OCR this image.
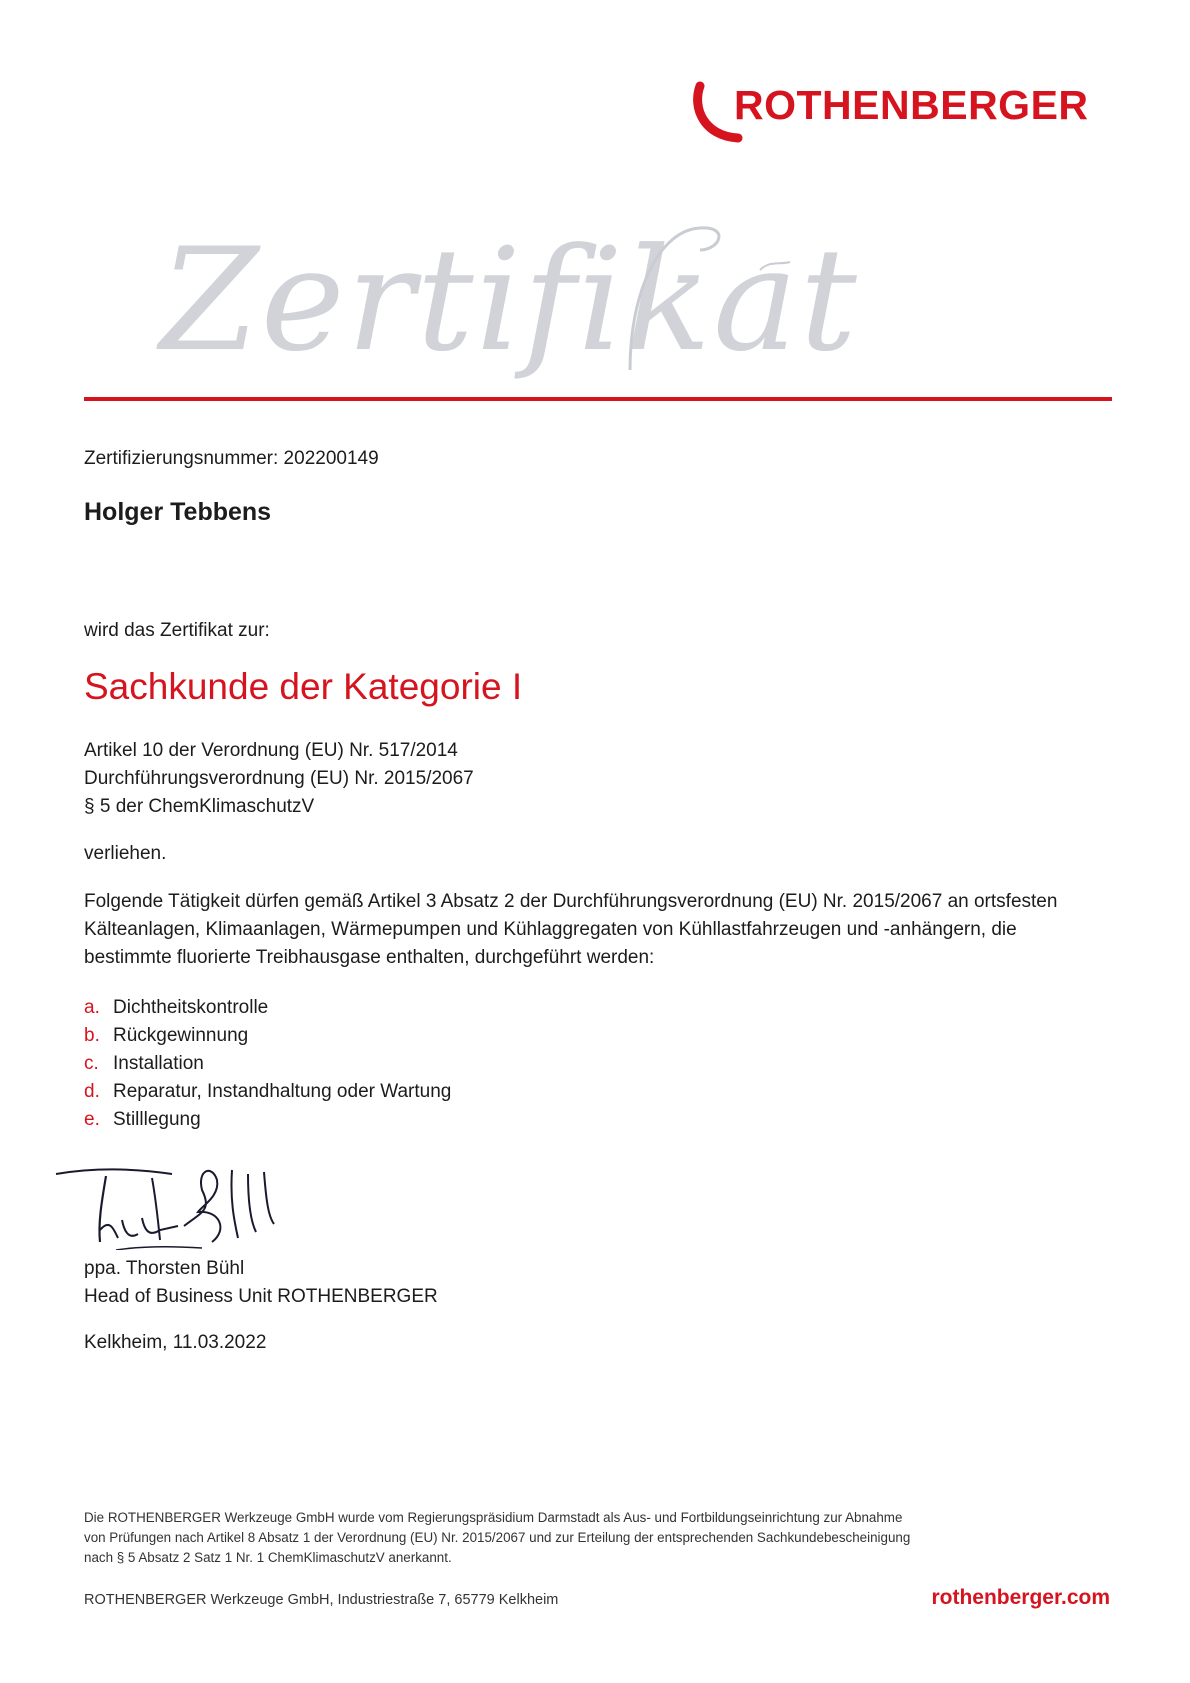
ROTHENBERGER
Zertifikat
Zertifizierungsnummer: 202200149
Holger Tebbens
wird das Zertifikat zur:
Sachkunde der Kategorie I
Artikel 10 der Verordnung (EU) Nr. 517/2014
Durchführungsverordnung (EU) Nr. 2015/2067
§ 5 der ChemKlimaschutzV
verliehen.
Folgende Tätigkeit dürfen gemäß Artikel 3 Absatz 2 der Durchführungsverordnung (EU) Nr. 2015/2067 an ortsfesten Kälteanlagen, Klimaanlagen, Wärmepumpen und Kühlaggregaten von Kühllastfahrzeugen und -anhängern, die bestimmte fluorierte Treibhausgase enthalten, durchgeführt werden:
a. Dichtheitskontrolle
b. Rückgewinnung
c. Installation
d. Reparatur, Instandhaltung oder Wartung
e. Stilllegung
ppa. Thorsten Bühl
Head of Business Unit ROTHENBERGER
Kelkheim, 11.03.2022
Die ROTHENBERGER Werkzeuge GmbH wurde vom Regierungspräsidium Darmstadt als Aus- und Fortbildungseinrichtung zur Abnahme von Prüfungen nach Artikel 8 Absatz 1 der Verordnung (EU) Nr. 2015/2067 und zur Erteilung der entsprechenden Sachkundebescheinigung nach § 5 Absatz 2 Satz 1 Nr. 1 ChemKlimaschutzV anerkannt.
ROTHENBERGER Werkzeuge GmbH, Industriestraße 7, 65779 Kelkheim	rothenberger.com
